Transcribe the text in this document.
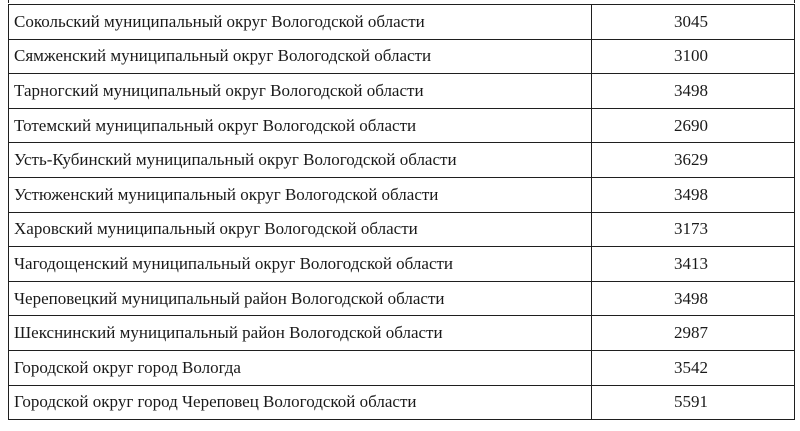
Сокольский муниципальный округ Вологодской области	3045
Сямженский муниципальный округ Вологодской области	3100
Тарногский муниципальный округ Вологодской области	3498
Тотемский муниципальный округ Вологодской области	2690
Усть-Кубинский муниципальный округ Вологодской области	3629
Устюженский муниципальный округ Вологодской области	3498
Харовский муниципальный округ Вологодской области	3173
Чагодощенский муниципальный округ Вологодской области	3413
Череповецкий муниципальный район Вологодской области	3498
Шекснинский муниципальный район Вологодской области	2987
Городской округ город Вологда	3542
Городской округ город Череповец Вологодской области	5591
